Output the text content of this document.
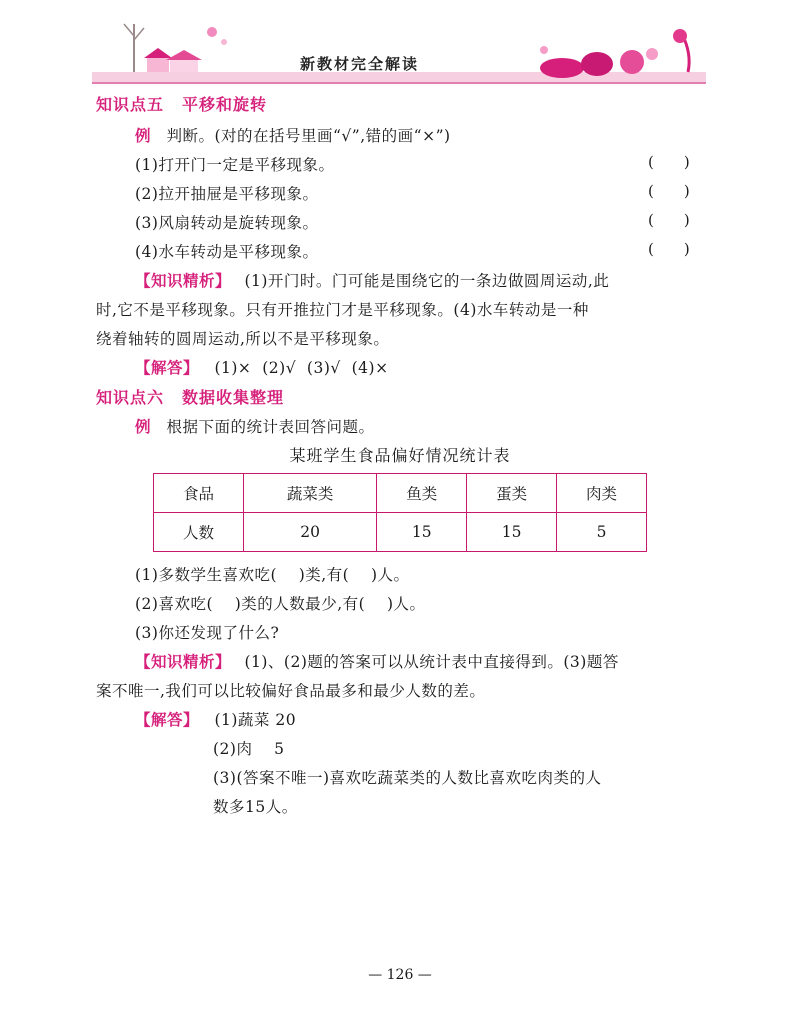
新教材完全解读
知识点五 平移和旋转
例 判断。(对的在括号里画“√”,错的画“×”)
(1)打开门一定是平移现象。	()
(2)拉开抽屉是平移现象。	()
(3)风扇转动是旋转现象。	()
(4)水车转动是平移现象。	()
【知识精析】 (1)开门时。门可能是围绕它的一条边做圆周运动,此
时,它不是平移现象。只有开推拉门才是平移现象。(4)水车转动是一种
绕着轴转的圆周运动,所以不是平移现象。
【解答】 (1)×  (2)√  (3)√  (4)×
知识点六 数据收集整理
例 根据下面的统计表回答问题。
某班学生食品偏好情况统计表
食品	蔬菜类	鱼类	蛋类	肉类
人数	20	15	15	5
(1)多数学生喜欢吃(    )类,有(    )人。
(2)喜欢吃(    )类的人数最少,有(    )人。
(3)你还发现了什么?
【知识精析】 (1)、(2)题的答案可以从统计表中直接得到。(3)题答
案不唯一,我们可以比较偏好食品最多和最少人数的差。
【解答】 (1)蔬菜 20
(2)肉    5
(3)(答案不唯一)喜欢吃蔬菜类的人数比喜欢吃肉类的人
数多15人。
— 126 —
